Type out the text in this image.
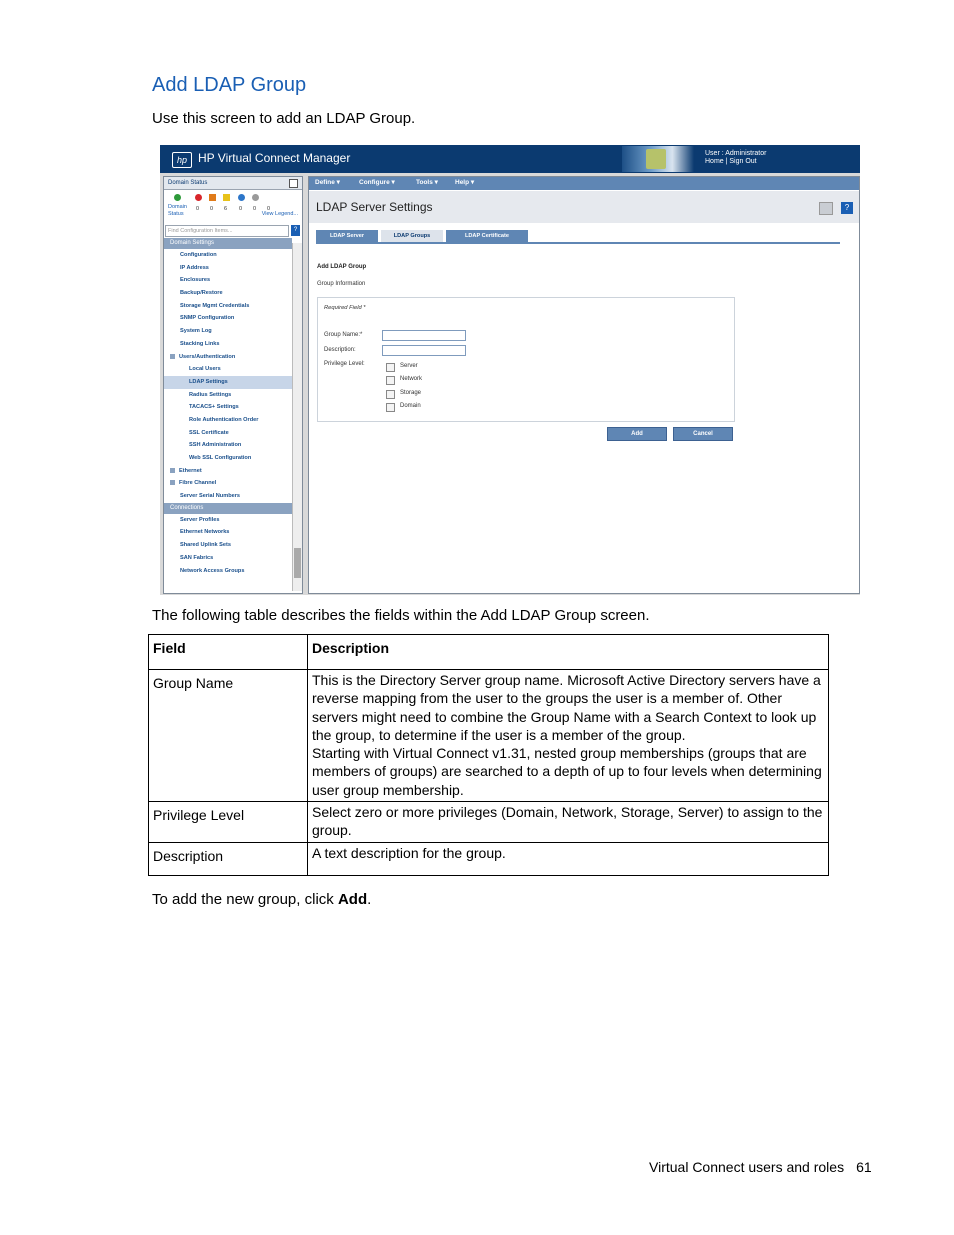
Add LDAP Group
Use this screen to add an LDAP Group.
hp HP Virtual Connect Manager	User : Administrator
Home | Sign Out
Domain Status
Domain Status
0 0 6 0 0 0
View Legend...
Find Configuration Items...	?
Domain Settings
Configuration
IP Address
Enclosures
Backup/Restore
Storage Mgmt Credentials
SNMP Configuration
System Log
Stacking Links
Users/Authentication
Local Users
LDAP Settings
Radius Settings
TACACS+ Settings
Role Authentication Order
SSL Certificate
SSH Administration
Web SSL Configuration
Ethernet
Fibre Channel
Server Serial Numbers
Connections
Server Profiles
Ethernet Networks
Shared Uplink Sets
SAN Fabrics
Network Access Groups
Define ▾	Configure ▾	Tools ▾	Help ▾
LDAP Server Settings	?
LDAP Server	LDAP Groups	LDAP Certificate
Add LDAP Group
Group Information
Required Field *
Group Name:*
Description:
Privilege Level:	Server
Network
Storage
Domain
Add	Cancel
The following table describes the fields within the Add LDAP Group screen.
Field	Description
Group Name	This is the Directory Server group name. Microsoft Active Directory servers have a reverse mapping from the user to the groups the user is a member of. Other servers might need to combine the Group Name with a Search Context to look up the group, to determine if the user is a member of the group.
Starting with Virtual Connect v1.31, nested group memberships (groups that are members of groups) are searched to a depth of up to four levels when determining user group membership.

Privilege Level	Select zero or more privileges (Domain, Network, Storage, Server) to assign to the group.

Description	A text description for the group.
To add the new group, click Add.
Virtual Connect users and roles 61
